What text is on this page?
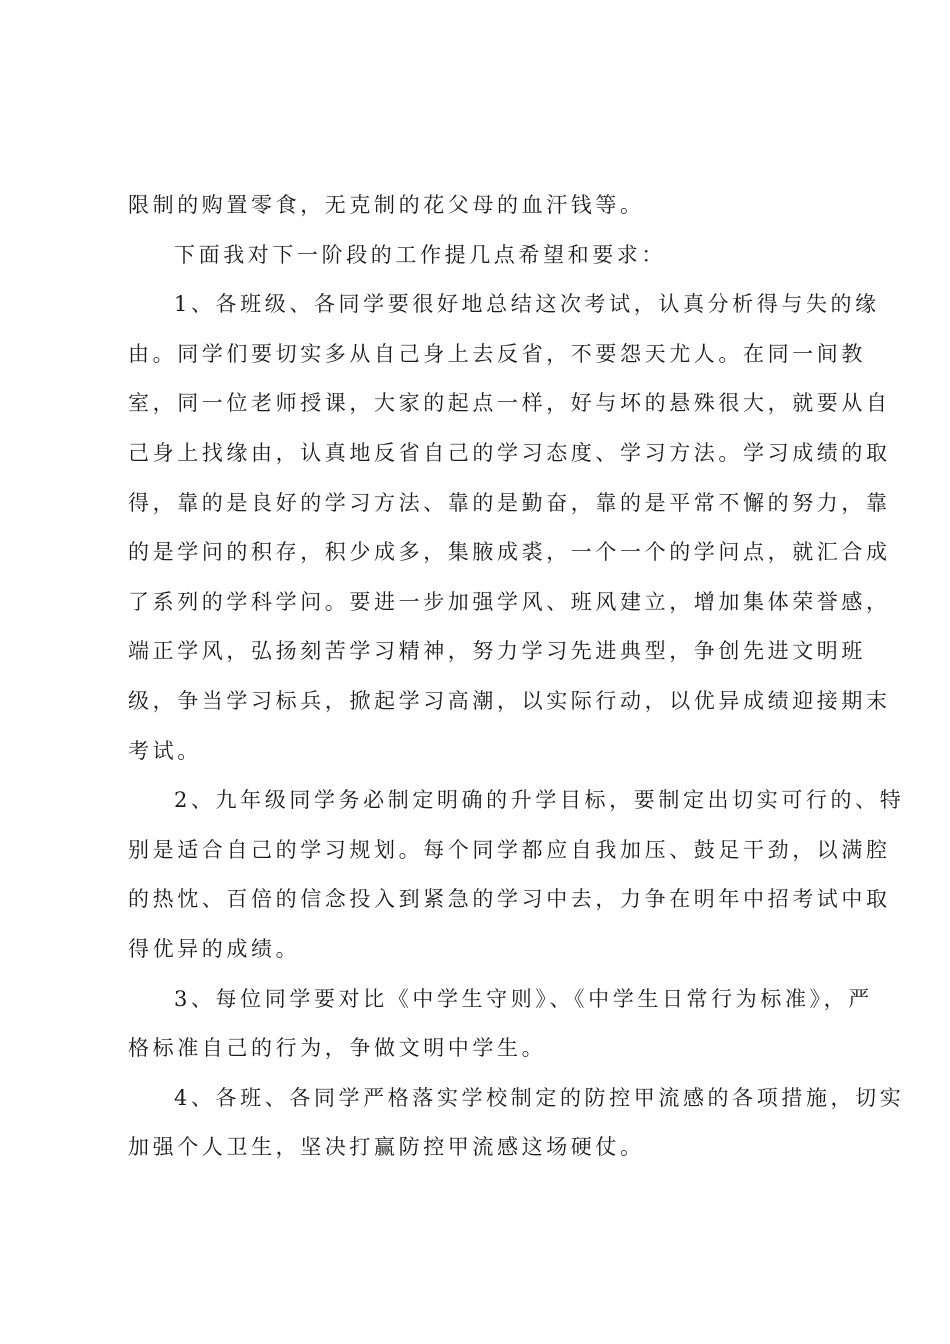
限制的购置零食，无克制的花父母的血汗钱等。
下面我对下一阶段的工作提几点希望和要求：
1、各班级、各同学要很好地总结这次考试，认真分析得与失的缘
由。同学们要切实多从自己身上去反省，不要怨天尤人。在同一间教
室，同一位老师授课，大家的起点一样，好与坏的悬殊很大，就要从自
己身上找缘由，认真地反省自己的学习态度、学习方法。学习成绩的取
得，靠的是良好的学习方法、靠的是勤奋，靠的是平常不懈的努力，靠
的是学问的积存，积少成多，集腋成裘，一个一个的学问点，就汇合成
了系列的学科学问。要进一步加强学风、班风建立，增加集体荣誉感，
端正学风，弘扬刻苦学习精神，努力学习先进典型，争创先进文明班
级，争当学习标兵，掀起学习高潮，以实际行动，以优异成绩迎接期末
考试。
2、九年级同学务必制定明确的升学目标，要制定出切实可行的、特
别是适合自己的学习规划。每个同学都应自我加压、鼓足干劲，以满腔
的热忱、百倍的信念投入到紧急的学习中去，力争在明年中招考试中取
得优异的成绩。
3、每位同学要对比《中学生守则》、《中学生日常行为标准》，严
格标准自己的行为，争做文明中学生。
4、各班、各同学严格落实学校制定的防控甲流感的各项措施，切实
加强个人卫生，坚决打赢防控甲流感这场硬仗。
